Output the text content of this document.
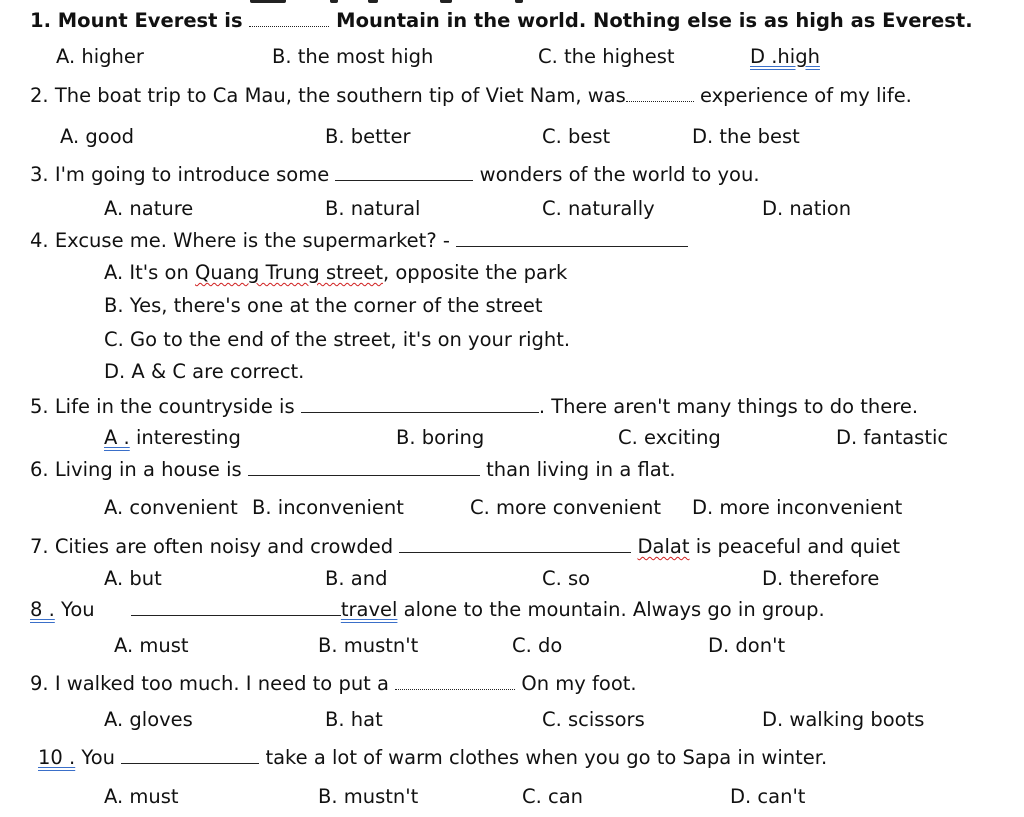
1. Mount Everest is	Mountain in the world. Nothing else is as high as Everest.
A. higher	B. the most high	C. the highest	D .high
2. The boat trip to Ca Mau, the southern tip of Viet Nam, was	experience of my life.
A. good	B. better	C. best	D. the best
3. I'm going to introduce some	wonders of the world to you.
A. nature	B. natural	C. naturally	D. nation
4. Excuse me. Where is the supermarket? -
A. It's on Quang Trung street, opposite the park
B. Yes, there's one at the corner of the street
C. Go to the end of the street, it's on your right.
D. A & C are correct.
5. Life in the countryside is	. There aren't many things to do there.
A . interesting	B. boring	C. exciting	D. fantastic
6. Living in a house is	than living in a flat.
A. convenient B. inconvenient	C. more convenient D. more inconvenient
7. Cities are often noisy and crowded	Dalat is peaceful and quiet
A. but	B. and	C. so	D. therefore
8 . You	travel alone to the mountain. Always go in group.
A. must	B. mustn't	C. do	D. don't
9. I walked too much. I need to put a	On my foot.
A. gloves	B. hat	C. scissors	D. walking boots
10 . You	take a lot of warm clothes when you go to Sapa in winter.
A. must	B. mustn't	C. can	D. can't
